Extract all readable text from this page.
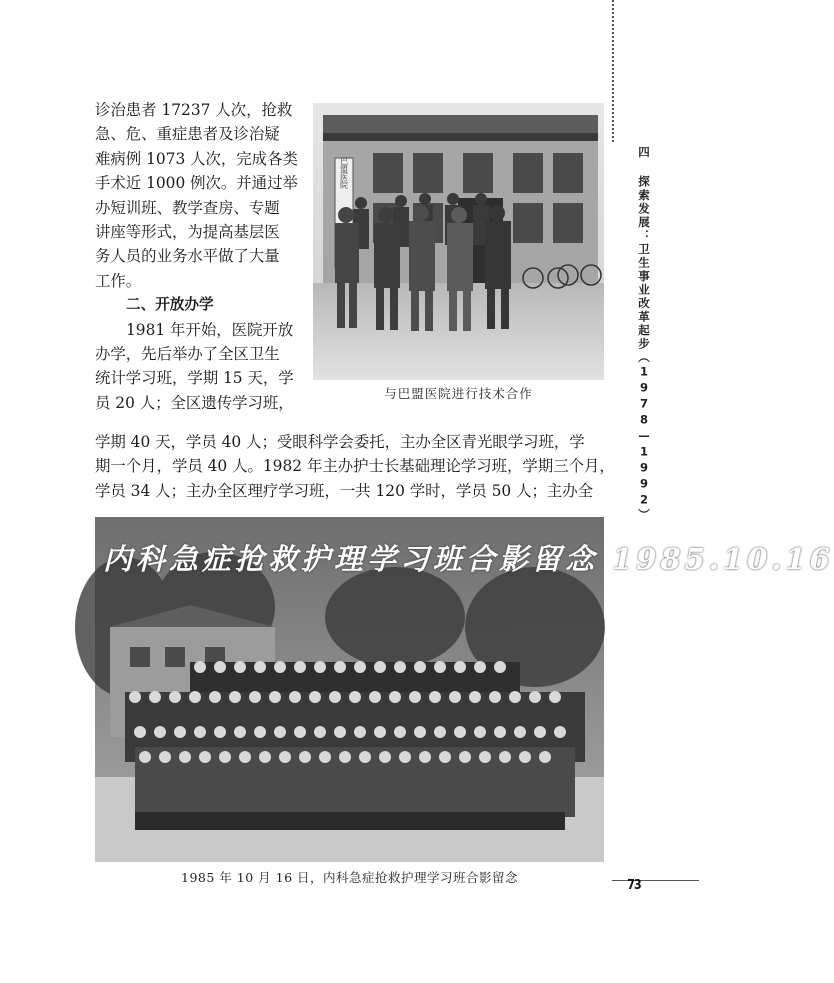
四 探索发展：卫生事业改革起步（1978—1992）
73
诊治患者 17237 人次，抢救
急、危、重症患者及诊治疑
难病例 1073 人次，完成各类
手术近 1000 例次。并通过举
办短训班、教学查房、专题
讲座等形式，为提高基层医
务人员的业务水平做了大量
工作。
二、开放办学
1981 年开始，医院开放
办学，先后举办了全区卫生
统计学习班，学期 15 天，学
员 20 人；全区遗传学习班，
学期 40 天，学员 40 人；受眼科学会委托，主办全区青光眼学习班，学
期一个月，学员 40 人。1982 年主办护士长基础理论学习班，学期三个月，
学员 34 人；主办全区理疗学习班，一共 120 学时，学员 50 人；主办全
巴盟医院
与巴盟医院进行技术合作
内科急症抢救护理学习班合影留念 1985.10.16
1985 年 10 月 16 日，内科急症抢救护理学习班合影留念
